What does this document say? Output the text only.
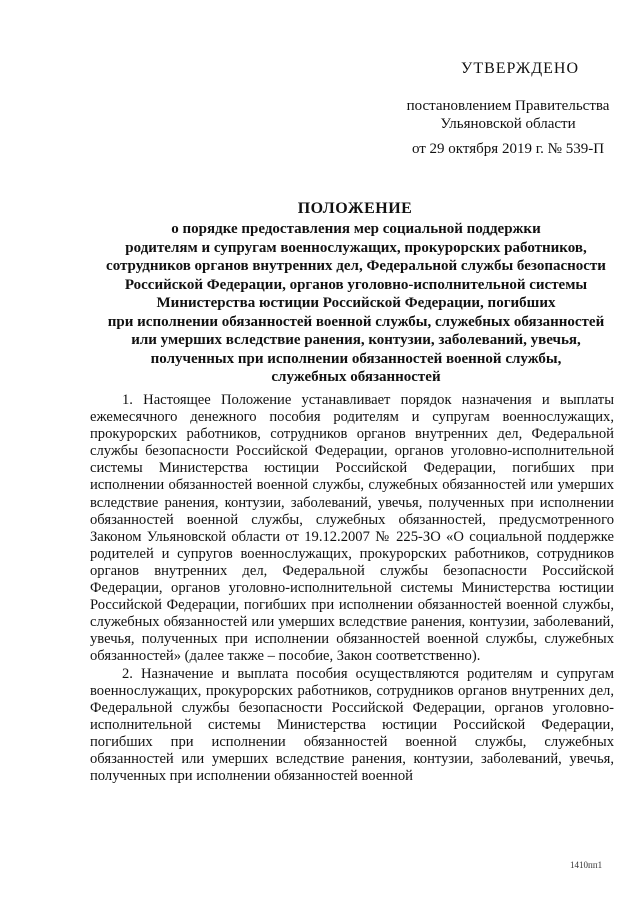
УТВЕРЖДЕНО
постановлением Правительства
Ульяновской области
от 29 октября 2019 г. № 539-П
ПОЛОЖЕНИЕ
о порядке предоставления мер социальной поддержки
родителям и супругам военнослужащих, прокурорских работников,
сотрудников органов внутренних дел, Федеральной службы безопасности
Российской Федерации, органов уголовно-исполнительной системы
Министерства юстиции Российской Федерации, погибших
при исполнении обязанностей военной службы, служебных обязанностей
или умерших вследствие ранения, контузии, заболеваний, увечья,
полученных при исполнении обязанностей военной службы,
служебных обязанностей

1. Настоящее Положение устанавливает порядок назначения и выплаты ежемесячного денежного пособия родителям и супругам военнослужащих, прокурорских работников, сотрудников органов внутренних дел, Федеральной службы безопасности Российской Федерации, органов уголовно-исполнительной системы Министерства юстиции Российской Федерации, погибших при исполнении обязанностей военной службы, служебных обязанностей или умерших вследствие ранения, контузии, заболеваний, увечья, полученных при исполнении обязанностей военной службы, служебных обязанностей, предусмотренного Законом Ульяновской области от 19.12.2007 № 225-ЗО «О социальной поддержке родителей и супругов военнослужащих, прокурорских работников, сотрудников органов внутренних дел, Федеральной службы безопасности Российской Федерации, органов уголовно-исполнительной системы Министерства юстиции Российской Федерации, погибших при исполнении обязанностей военной службы, служебных обязанностей или умерших вследствие ранения, контузии, заболеваний, увечья, полученных при исполнении обязанностей военной службы, служебных обязанностей» (далее также – пособие, Закон соответственно).

2. Назначение и выплата пособия осуществляются родителям и супругам военнослужащих, прокурорских работников, сотрудников органов внутренних дел, Федеральной службы безопасности Российской Федерации, органов уголовно-исполнительной системы Министерства юстиции Российской Федерации, погибших при исполнении обязанностей военной службы, служебных обязанностей или умерших вследствие ранения, контузии, заболеваний, увечья, полученных при исполнении обязанностей военной

1410пп1
